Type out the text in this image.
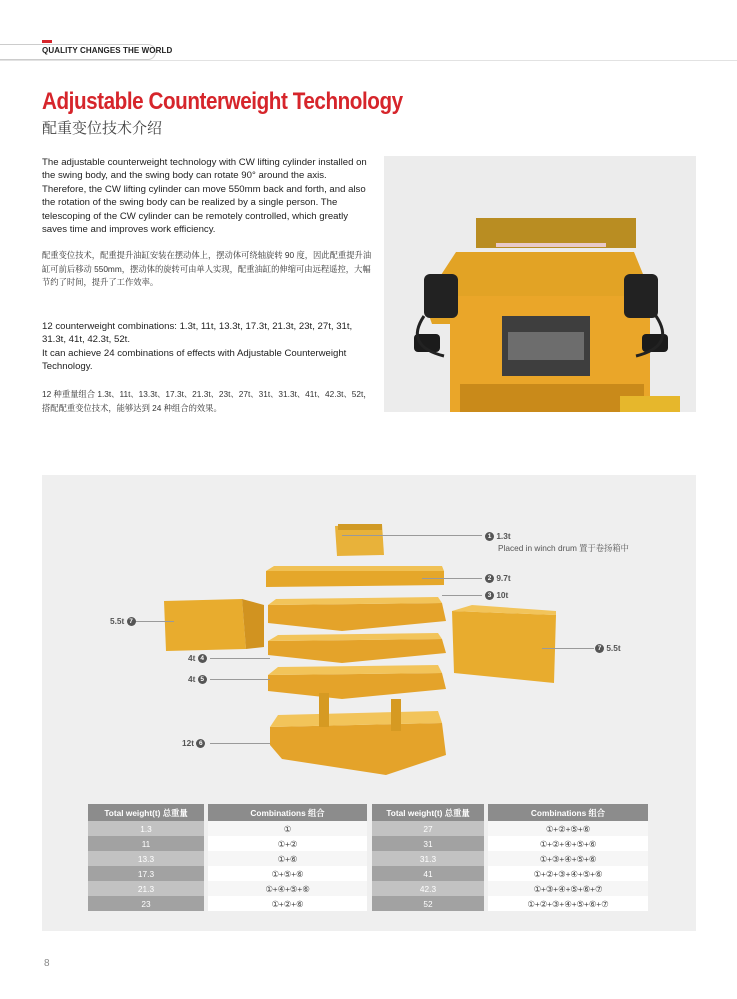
QUALITY CHANGES THE WORLD
Adjustable Counterweight Technology
配重变位技术介绍
The adjustable counterweight technology with CW lifting cylinder installed on the swing body, and the swing body can rotate 90° around the axis. Therefore, the CW lifting cylinder can move 550mm back and forth, and also the rotation of the swing body can be realized by a single person. The telescoping of the CW cylinder can be remotely controlled, which greatly saves time and improves work efficiency.
配重变位技术，配重提升油缸安装在摆动体上，摆动体可绕轴旋转 90 度，因此配重提升油缸可前后移动 550mm，摆动体的旋转可由单人实现，配重油缸的伸缩可由远程遥控，大幅节约了时间，提升了工作效率。
12 counterweight combinations: 1.3t, 11t, 13.3t, 17.3t, 21.3t, 23t, 27t, 31t, 31.3t, 41t, 42.3t, 52t.
It can achieve 24 combinations of effects with Adjustable Counterweight Technology.
12 种重量组合 1.3t、11t、13.3t、17.3t、21.3t、23t、27t、31t、31.3t、41t、42.3t、52t，搭配配重变位技术，能够达到 24 种组合的效果。
1 1.3t
Placed in winch drum 置于卷扬箱中
2 9.7t
3 10t
5.5t 7
7 5.5t
4t 4
4t 5
12t 6
Total weight(t) 总重量		Combinations 组合
1.3		①
11		①+②
13.3		①+⑥
17.3		①+⑤+⑥
21.3		①+④+⑤+⑥
23		①+②+⑥
Total weight(t) 总重量		Combinations 组合
27		①+②+⑤+⑥
31		①+②+④+⑤+⑥
31.3		①+③+④+⑤+⑥
41		①+②+③+④+⑤+⑥
42.3		①+③+④+⑤+⑥+⑦
52		①+②+③+④+⑤+⑥+⑦
8
